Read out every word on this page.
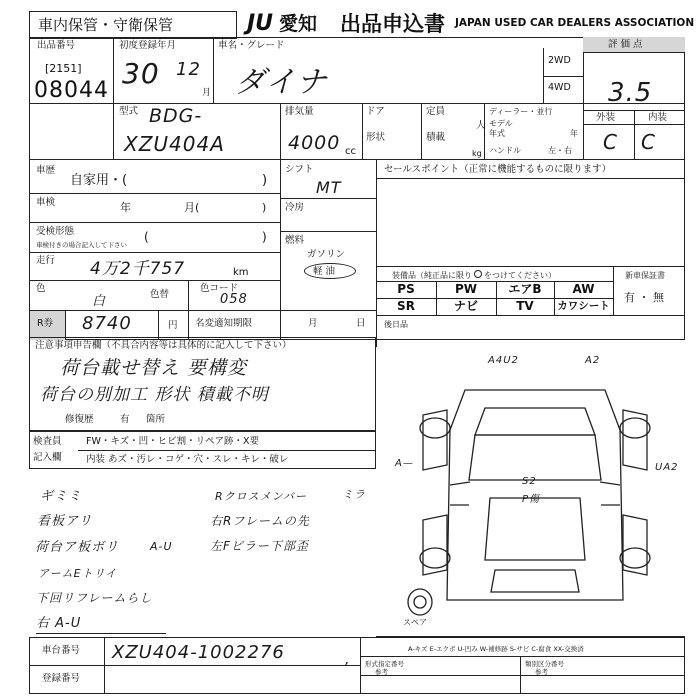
車内保管・守衛保管	JU 愛知 出品申込書 JAPAN USED CAR DEALERS ASSOCIATION
出品番号
[2151]
08044
初度登録年月
30 12
月
車名・グレード
ダイナ
2WD
4WD
評価点
3.5
外装	内装
C C
型式 BDG-
XZU404A
排気量
4000 cc
ドア
形状
定員
人
積載
kg
ディーラー・並行
モデル
年式	年
ハンドル	左・右
車歴
自家用・(	)
車検	年	月(	)
受検形態
車検付きの場合記入して下さい
(	)
走行 4万2千757	km
色
白	色替
色コード
058
R券 8740	円 名変適知期限	月	日
シフト
MT
冷房
燃料
ガソリン
軽 油
セールスポイント（正常に機能するものに限ります）
装備品（純正品に限り をつけてください）
PS	PW	エアB	AW
SR	ナビ	TV	カワシート
新車保証書
有 ・ 無
後日品
注意事項申告欄（不具合内容等は具体的に記入して下さい）
荷台載せ替え 要構変
荷台の別加工 形状 積載不明
修復歴	有 箇所
検査員
記入欄
FW・キズ・凹・ヒビ割・リペア跡・X要
内装 あズ・汚レ・コゲ・穴・スレ・キレ・破レ
ギミミ
看板アリ
荷台ア板ボリ	A-U
アームEトリイ
下回リフレームらし
右 A-U
Rクロスメンバー	ミラ
右Rフレームの先
左Fピラー下部歪
A4U2	A2
A—	UA2
S2
P傷
スペア
車台番号 XZU404-1002276	,
登録番号
A-キズ E-エクボ U-凹み W-補修跡 S-サビ C-腐食 XX-交換済
形式指定番号
参考
類別区分番号
参考
